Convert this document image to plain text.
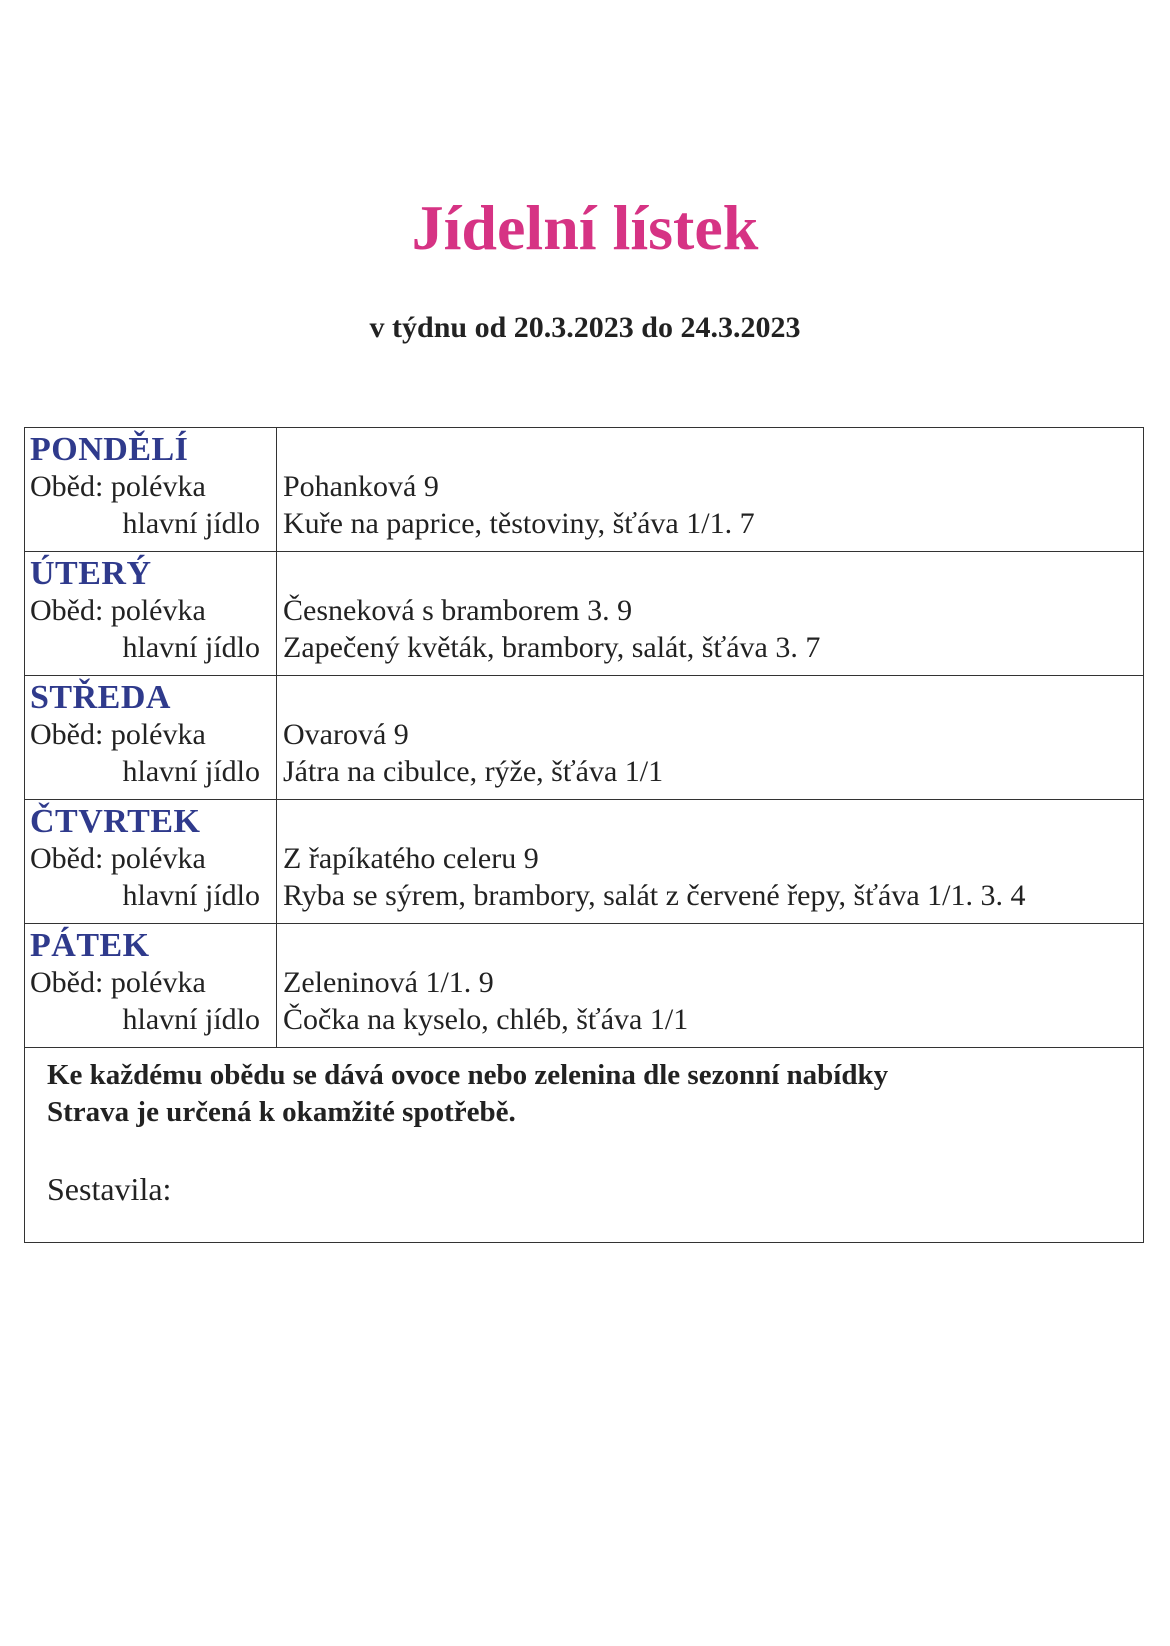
Jídelní lístek

v týdnu od 20.3.2023 do 24.3.2023

PONDĚLÍ
Oběd: polévka
hlavní jídlo
Pohanková 9
Kuře na paprice, těstoviny, šťáva 1/1. 7
ÚTERÝ
Oběd: polévka
hlavní jídlo
Česneková s bramborem 3. 9
Zapečený květák, brambory, salát, šťáva 3. 7
STŘEDA
Oběd: polévka
hlavní jídlo
Ovarová 9
Játra na cibulce, rýže, šťáva 1/1
ČTVRTEK
Oběd: polévka
hlavní jídlo
Z řapíkatého celeru 9
Ryba se sýrem, brambory, salát z červené řepy, šťáva 1/1. 3. 4
PÁTEK
Oběd: polévka
hlavní jídlo
Zeleninová 1/1. 9
Čočka na kyselo, chléb, šťáva 1/1
Ke každému obědu se dává ovoce nebo zelenina dle sezonní nabídky
Strava je určená k okamžité spotřebě.
Sestavila:
